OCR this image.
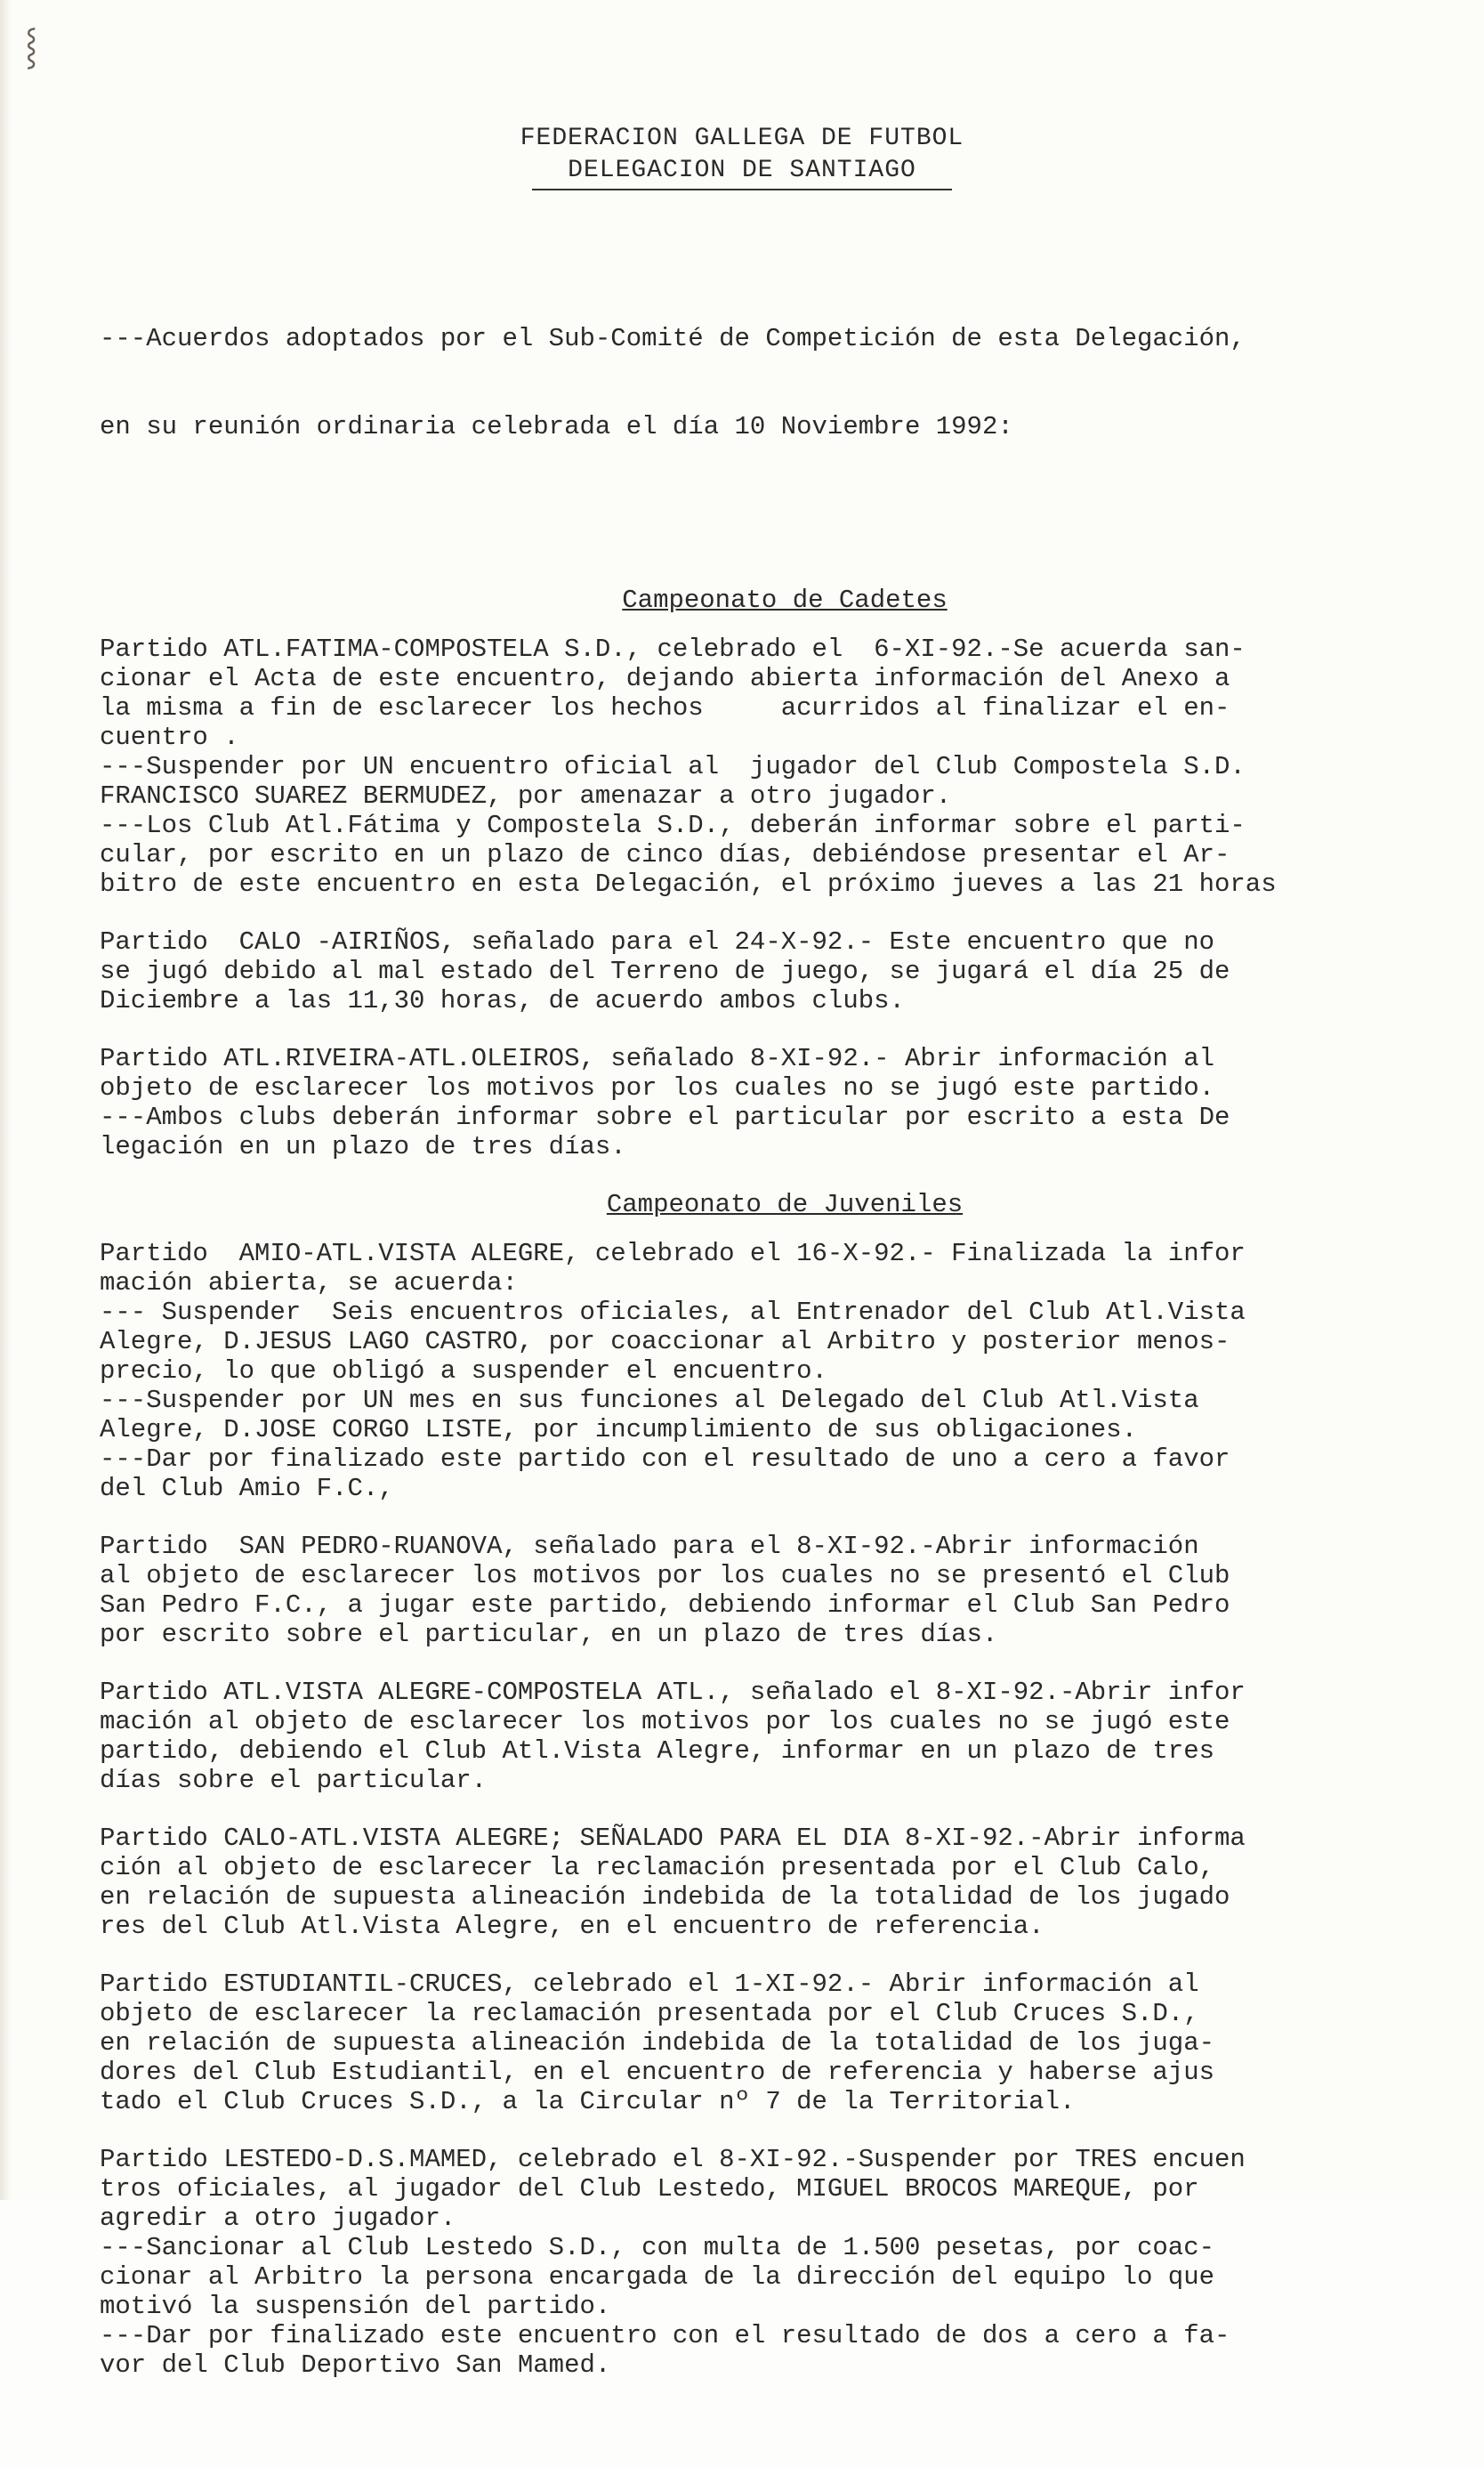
⸾
FEDERACION GALLEGA DE FUTBOL
DELEGACION DE SANTIAGO

---Acuerdos adoptados por el Sub-Comité de Competición de esta Delegación,

en su reunión ordinaria celebrada el día 10 Noviembre 1992:

Campeonato de Cadetes
Partido ATL.FATIMA-COMPOSTELA S.D., celebrado el  6-XI-92.-Se acuerda san-
cionar el Acta de este encuentro, dejando abierta información del Anexo a
la misma a fin de esclarecer los hechos     acurridos al finalizar el en-
cuentro .
---Suspender por UN encuentro oficial al  jugador del Club Compostela S.D.
FRANCISCO SUAREZ BERMUDEZ, por amenazar a otro jugador.
---Los Club Atl.Fátima y Compostela S.D., deberán informar sobre el parti-
cular, por escrito en un plazo de cinco días, debiéndose presentar el Ar-
bitro de este encuentro en esta Delegación, el próximo jueves a las 21 horas
Partido  CALO -AIRIÑOS, señalado para el 24-X-92.- Este encuentro que no
se jugó debido al mal estado del Terreno de juego, se jugará el día 25 de
Diciembre a las 11,30 horas, de acuerdo ambos clubs.
Partido ATL.RIVEIRA-ATL.OLEIROS, señalado 8-XI-92.- Abrir información al
objeto de esclarecer los motivos por los cuales no se jugó este partido.
---Ambos clubs deberán informar sobre el particular por escrito a esta De
legación en un plazo de tres días.
Campeonato de Juveniles
Partido  AMIO-ATL.VISTA ALEGRE, celebrado el 16-X-92.- Finalizada la infor
mación abierta, se acuerda:
--- Suspender  Seis encuentros oficiales, al Entrenador del Club Atl.Vista
Alegre, D.JESUS LAGO CASTRO, por coaccionar al Arbitro y posterior menos-
precio, lo que obligó a suspender el encuentro.
---Suspender por UN mes en sus funciones al Delegado del Club Atl.Vista
Alegre, D.JOSE CORGO LISTE, por incumplimiento de sus obligaciones.
---Dar por finalizado este partido con el resultado de uno a cero a favor
del Club Amio F.C.,
Partido  SAN PEDRO-RUANOVA, señalado para el 8-XI-92.-Abrir información
al objeto de esclarecer los motivos por los cuales no se presentó el Club
San Pedro F.C., a jugar este partido, debiendo informar el Club San Pedro
por escrito sobre el particular, en un plazo de tres días.
Partido ATL.VISTA ALEGRE-COMPOSTELA ATL., señalado el 8-XI-92.-Abrir infor
mación al objeto de esclarecer los motivos por los cuales no se jugó este
partido, debiendo el Club Atl.Vista Alegre, informar en un plazo de tres
días sobre el particular.
Partido CALO-ATL.VISTA ALEGRE; SEÑALADO PARA EL DIA 8-XI-92.-Abrir informa
ción al objeto de esclarecer la reclamación presentada por el Club Calo,
en relación de supuesta alineación indebida de la totalidad de los jugado
res del Club Atl.Vista Alegre, en el encuentro de referencia.
Partido ESTUDIANTIL-CRUCES, celebrado el 1-XI-92.- Abrir información al
objeto de esclarecer la reclamación presentada por el Club Cruces S.D.,
en relación de supuesta alineación indebida de la totalidad de los juga-
dores del Club Estudiantil, en el encuentro de referencia y haberse ajus
tado el Club Cruces S.D., a la Circular nº 7 de la Territorial.
Partido LESTEDO-D.S.MAMED, celebrado el 8-XI-92.-Suspender por TRES encuen
tros oficiales, al jugador del Club Lestedo, MIGUEL BROCOS MAREQUE, por
agredir a otro jugador.
---Sancionar al Club Lestedo S.D., con multa de 1.500 pesetas, por coac-
cionar al Arbitro la persona encargada de la dirección del equipo lo que
motivó la suspensión del partido.
---Dar por finalizado este encuentro con el resultado de dos a cero a fa-
vor del Club Deportivo San Mamed.
